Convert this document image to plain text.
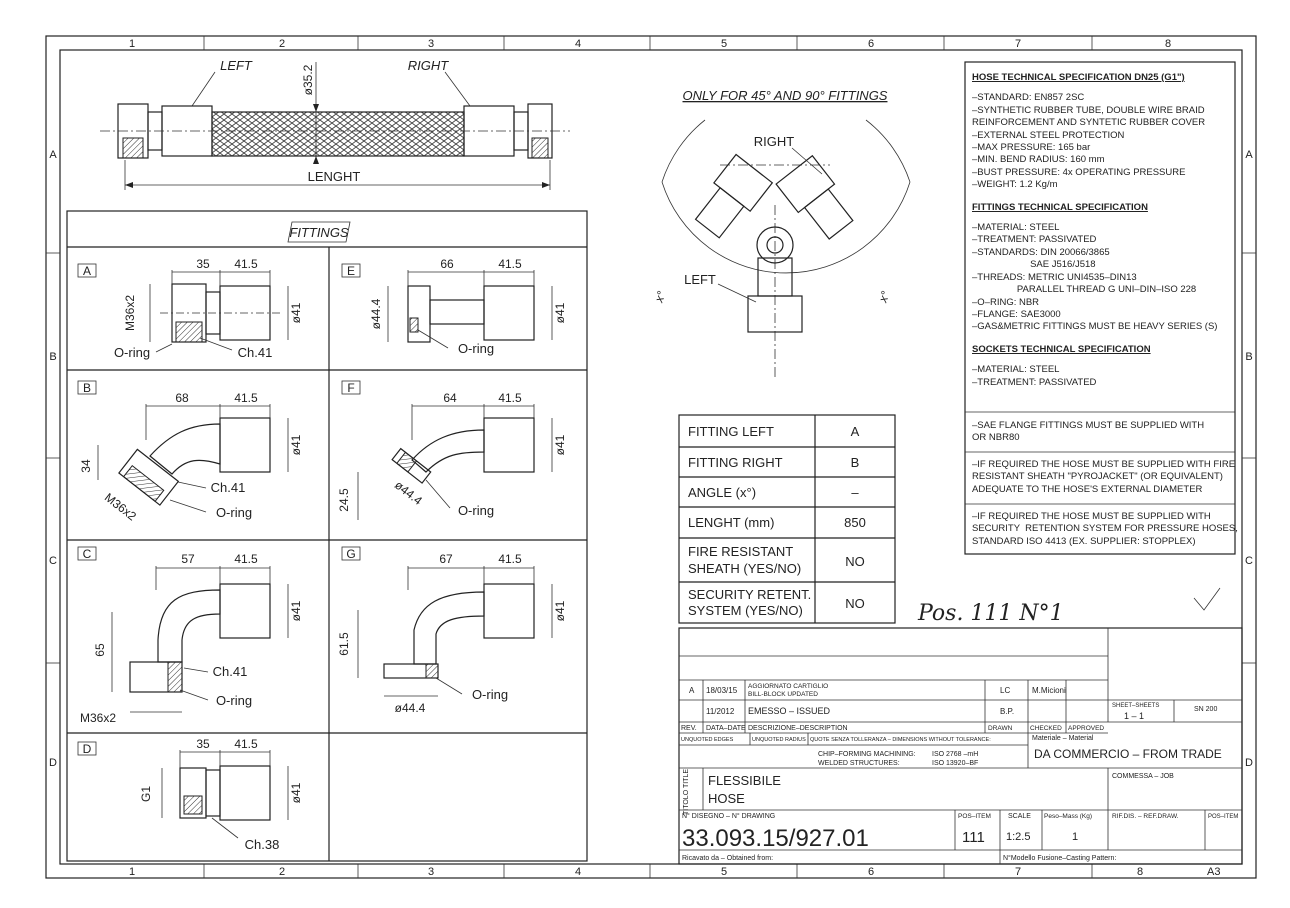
1	2	3	4	5	6	7	8
1	2	3	4	5	6	7	8
A
B
C
D
A
B
C
D
LEFT	RIGHT
LENGHT
ø35.2
FITTINGS
A	35 41.5
M36x2	ø41
O-ring	Ch.41
B
68	41.5
34
M36x2
ø41
Ch.41
O-ring
C	57	41.5
65
M36x2
ø41
Ch.41
O-ring
D	35 41.5
G1	ø41
Ch.38
E	66	41.5
ø44.4	ø41
O-ring
F
64	41.5
24.5	ø44.4
ø41
O-ring
G	67	41.5
61.5
ø44.4
ø41
O-ring
ONLY FOR 45° AND 90° FITTINGS
RIGHT
LEFT
x°	x°
FITTING LEFT	A
FITTING RIGHT	B
ANGLE (x°)	–
LENGHT (mm)	850
FIRE RESISTANT
SHEATH (YES/NO)	NO
SECURITY RETENT.
SYSTEM (YES/NO)	NO Pos. 111 N°1
A 18/03/15 AGGIORNATO CARTIGLIO
BILL-BLOCK UPDATED	LC	M.Micioni
11/2012 EMESSO – ISSUED	B.P.
REV. DATA–DATE DESCRIZIONE–DESCRIPTION	DRAWN	CHECKED APPROVED
SHEET–SHEETS
1 – 1
SN 200
UNQUOTED EDGES	UNQUOTED RADIUS QUOTE SENZA TOLLERANZA – DIMENSIONS WITHOUT TOLERANCE:
CHIP–FORMING MACHINING: ISO 2768 –mH
WELDED STRUCTURES:	ISO 13920–BF
Materiale – Material
DA COMMERCIO – FROM TRADE
COMMESSA – JOB
TITOLO TITLE FLESSIBILE
HOSE
N° DISEGNO – N° DRAWING
33.093.15/927.01
POS–ITEM
111
SCALE
1:2.5
Peso–Mass (Kg)
1
RIF.DIS. – REF.DRAW.	POS–ITEM
Ricavato da – Obtained from:	N°Modello Fusione–Casting Pattern:
A3
HOSE TECHNICAL SPECIFICATION DN25 (G1")
–STANDARD: EN857 2SC
–SYNTHETIC RUBBER TUBE, DOUBLE WIRE BRAID
REINFORCEMENT AND SYNTETIC RUBBER COVER
–EXTERNAL STEEL PROTECTION
–MAX PRESSURE: 165 bar
–MIN. BEND RADIUS: 160 mm
–BUST PRESSURE: 4x OPERATING PRESSURE
–WEIGHT: 1.2 Kg/m
FITTINGS TECHNICAL SPECIFICATION
–MATERIAL: STEEL
–TREATMENT: PASSIVATED
–STANDARDS: DIN 20066/3865
SAE J516/J518
–THREADS: METRIC UNI4535–DIN13
PARALLEL THREAD G UNI–DIN–ISO 228
–O–RING: NBR
–FLANGE: SAE3000
–GAS&METRIC FITTINGS MUST BE HEAVY SERIES (S)
SOCKETS TECHNICAL SPECIFICATION
–MATERIAL: STEEL
–TREATMENT: PASSIVATED
–SAE FLANGE FITTINGS MUST BE SUPPLIED WITH
OR NBR80
–IF REQUIRED THE HOSE MUST BE SUPPLIED WITH FIRE
RESISTANT SHEATH "PYROJACKET" (OR EQUIVALENT)
ADEQUATE TO THE HOSE'S EXTERNAL DIAMETER
–IF REQUIRED THE HOSE MUST BE SUPPLIED WITH
SECURITY  RETENTION SYSTEM FOR PRESSURE HOSES,
STANDARD ISO 4413 (EX. SUPPLIER: STOPPLEX)
